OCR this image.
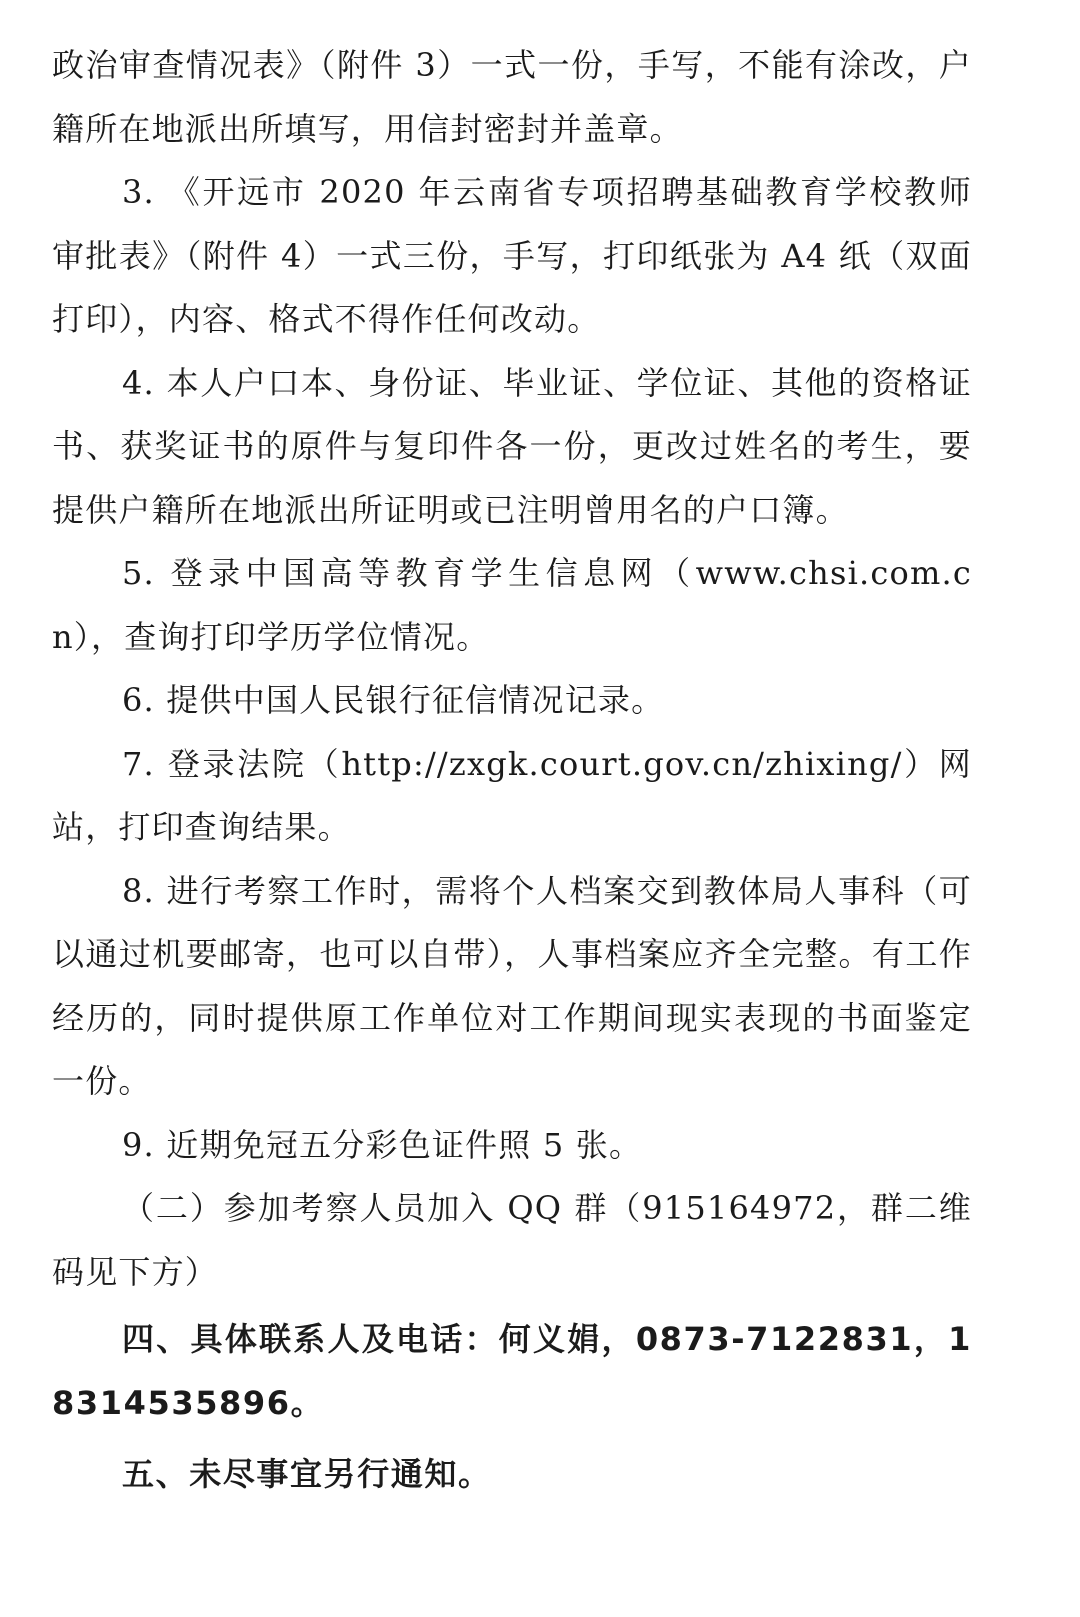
政治审查情况表》（附件 3）一式一份，手写，不能有涂改，户籍所在地派出所填写，用信封密封并盖章。

3. 《开远市 2020 年云南省专项招聘基础教育学校教师审批表》（附件 4）一式三份，手写，打印纸张为 A4 纸（双面打印），内容、格式不得作任何改动。

4. 本人户口本、身份证、毕业证、学位证、其他的资格证书、获奖证书的原件与复印件各一份，更改过姓名的考生，要提供户籍所在地派出所证明或已注明曾用名的户口簿。

5. 登录中国高等教育学生信息网（www.chsi.com.cn），查询打印学历学位情况。

6. 提供中国人民银行征信情况记录。

7. 登录法院（http://zxgk.court.gov.cn/zhixing/）网站，打印查询结果。

8. 进行考察工作时，需将个人档案交到教体局人事科（可以通过机要邮寄，也可以自带），人事档案应齐全完整。有工作经历的，同时提供原工作单位对工作期间现实表现的书面鉴定一份。

9. 近期免冠五分彩色证件照 5 张。

（二）参加考察人员加入 QQ 群（915164972，群二维码见下方）

四、具体联系人及电话：何义娟，0873-7122831，18314535896。

五、未尽事宜另行通知。
